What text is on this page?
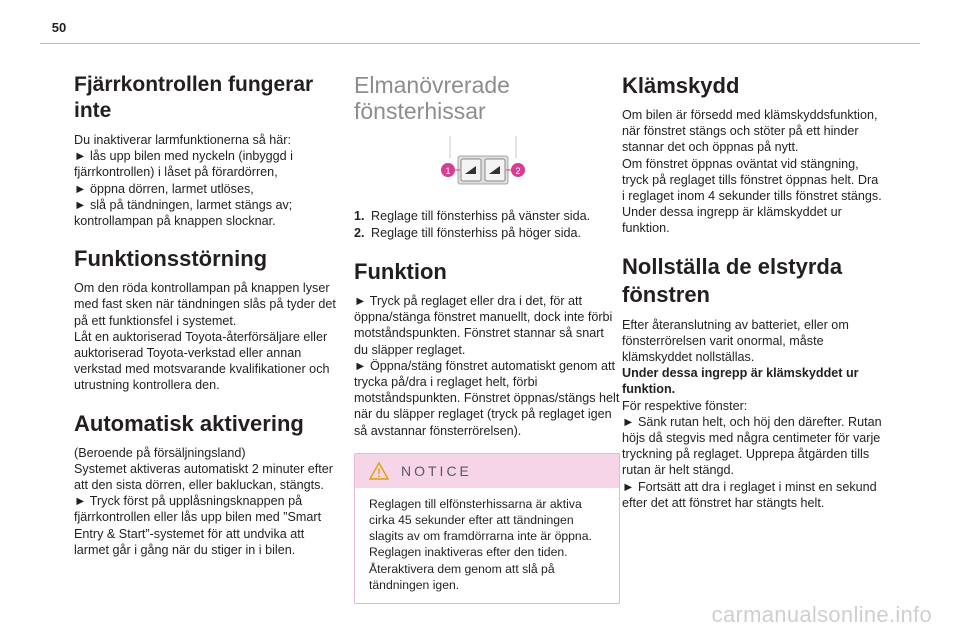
50
Fjärrkontrollen fungerar inte

Du inaktiverar larmfunktionerna så här:
► lås upp bilen med nyckeln (inbyggd i fjärrkontrollen) i låset på förardörren,
► öppna dörren, larmet utlöses,
► slå på tändningen, larmet stängs av; kontrollampan på knappen slocknar.

Funktionsstörning

Om den röda kontrollampan på knappen lyser med fast sken när tändningen slås på tyder det på ett funktionsfel i systemet.
Låt en auktoriserad Toyota-återförsäljare eller auktoriserad Toyota-verkstad eller annan verkstad med motsvarande kvalifikationer och utrustning kontrollera den.

Automatisk aktivering

(Beroende på försäljningsland)
Systemet aktiveras automatiskt 2 minuter efter att den sista dörren, eller bakluckan, stängts.
► Tryck först på upplåsningsknappen på fjärrkontrollen eller lås upp bilen med ”Smart Entry & Start”-systemet för att undvika att larmet går i gång när du stiger in i bilen.

Elmanövrerade fönsterhissar
1	2
1. Reglage till fönsterhiss på vänster sida.
2. Reglage till fönsterhiss på höger sida.
Funktion

► Tryck på reglaget eller dra i det, för att öppna/stänga fönstret manuellt, dock inte förbi motståndspunkten. Fönstret stannar så snart du släpper reglaget.
► Öppna/stäng fönstret automatiskt genom att trycka på/dra i reglaget helt, förbi motståndspunkten. Fönstret öppnas/stängs helt när du släpper reglaget (tryck på reglaget igen så avstannar fönsterrörelsen).

NOTICE
Reglagen till elfönsterhissarna är aktiva cirka 45 sekunder efter att tändningen slagits av om framdörrarna inte är öppna.
Reglagen inaktiveras efter den tiden.
Återaktivera dem genom att slå på tändningen igen.
Klämskydd

Om bilen är försedd med klämskyddsfunktion, när fönstret stängs och stöter på ett hinder stannar det och öppnas på nytt.
Om fönstret öppnas oväntat vid stängning, tryck på reglaget tills fönstret öppnas helt. Dra i reglaget inom 4 sekunder tills fönstret stängs.
Under dessa ingrepp är klämskyddet ur funktion.

Nollställa de elstyrda fönstren

Efter återanslutning av batteriet, eller om fönsterrörelsen varit onormal, måste klämskyddet nollställas.

Under dessa ingrepp är klämskyddet ur funktion.

För respektive fönster:
► Sänk rutan helt, och höj den därefter. Rutan höjs då stegvis med några centimeter för varje tryckning på reglaget. Upprepa åtgärden tills rutan är helt stängd.
► Fortsätt att dra i reglaget i minst en sekund efter det att fönstret har stängts helt.

carmanualsonline.info
